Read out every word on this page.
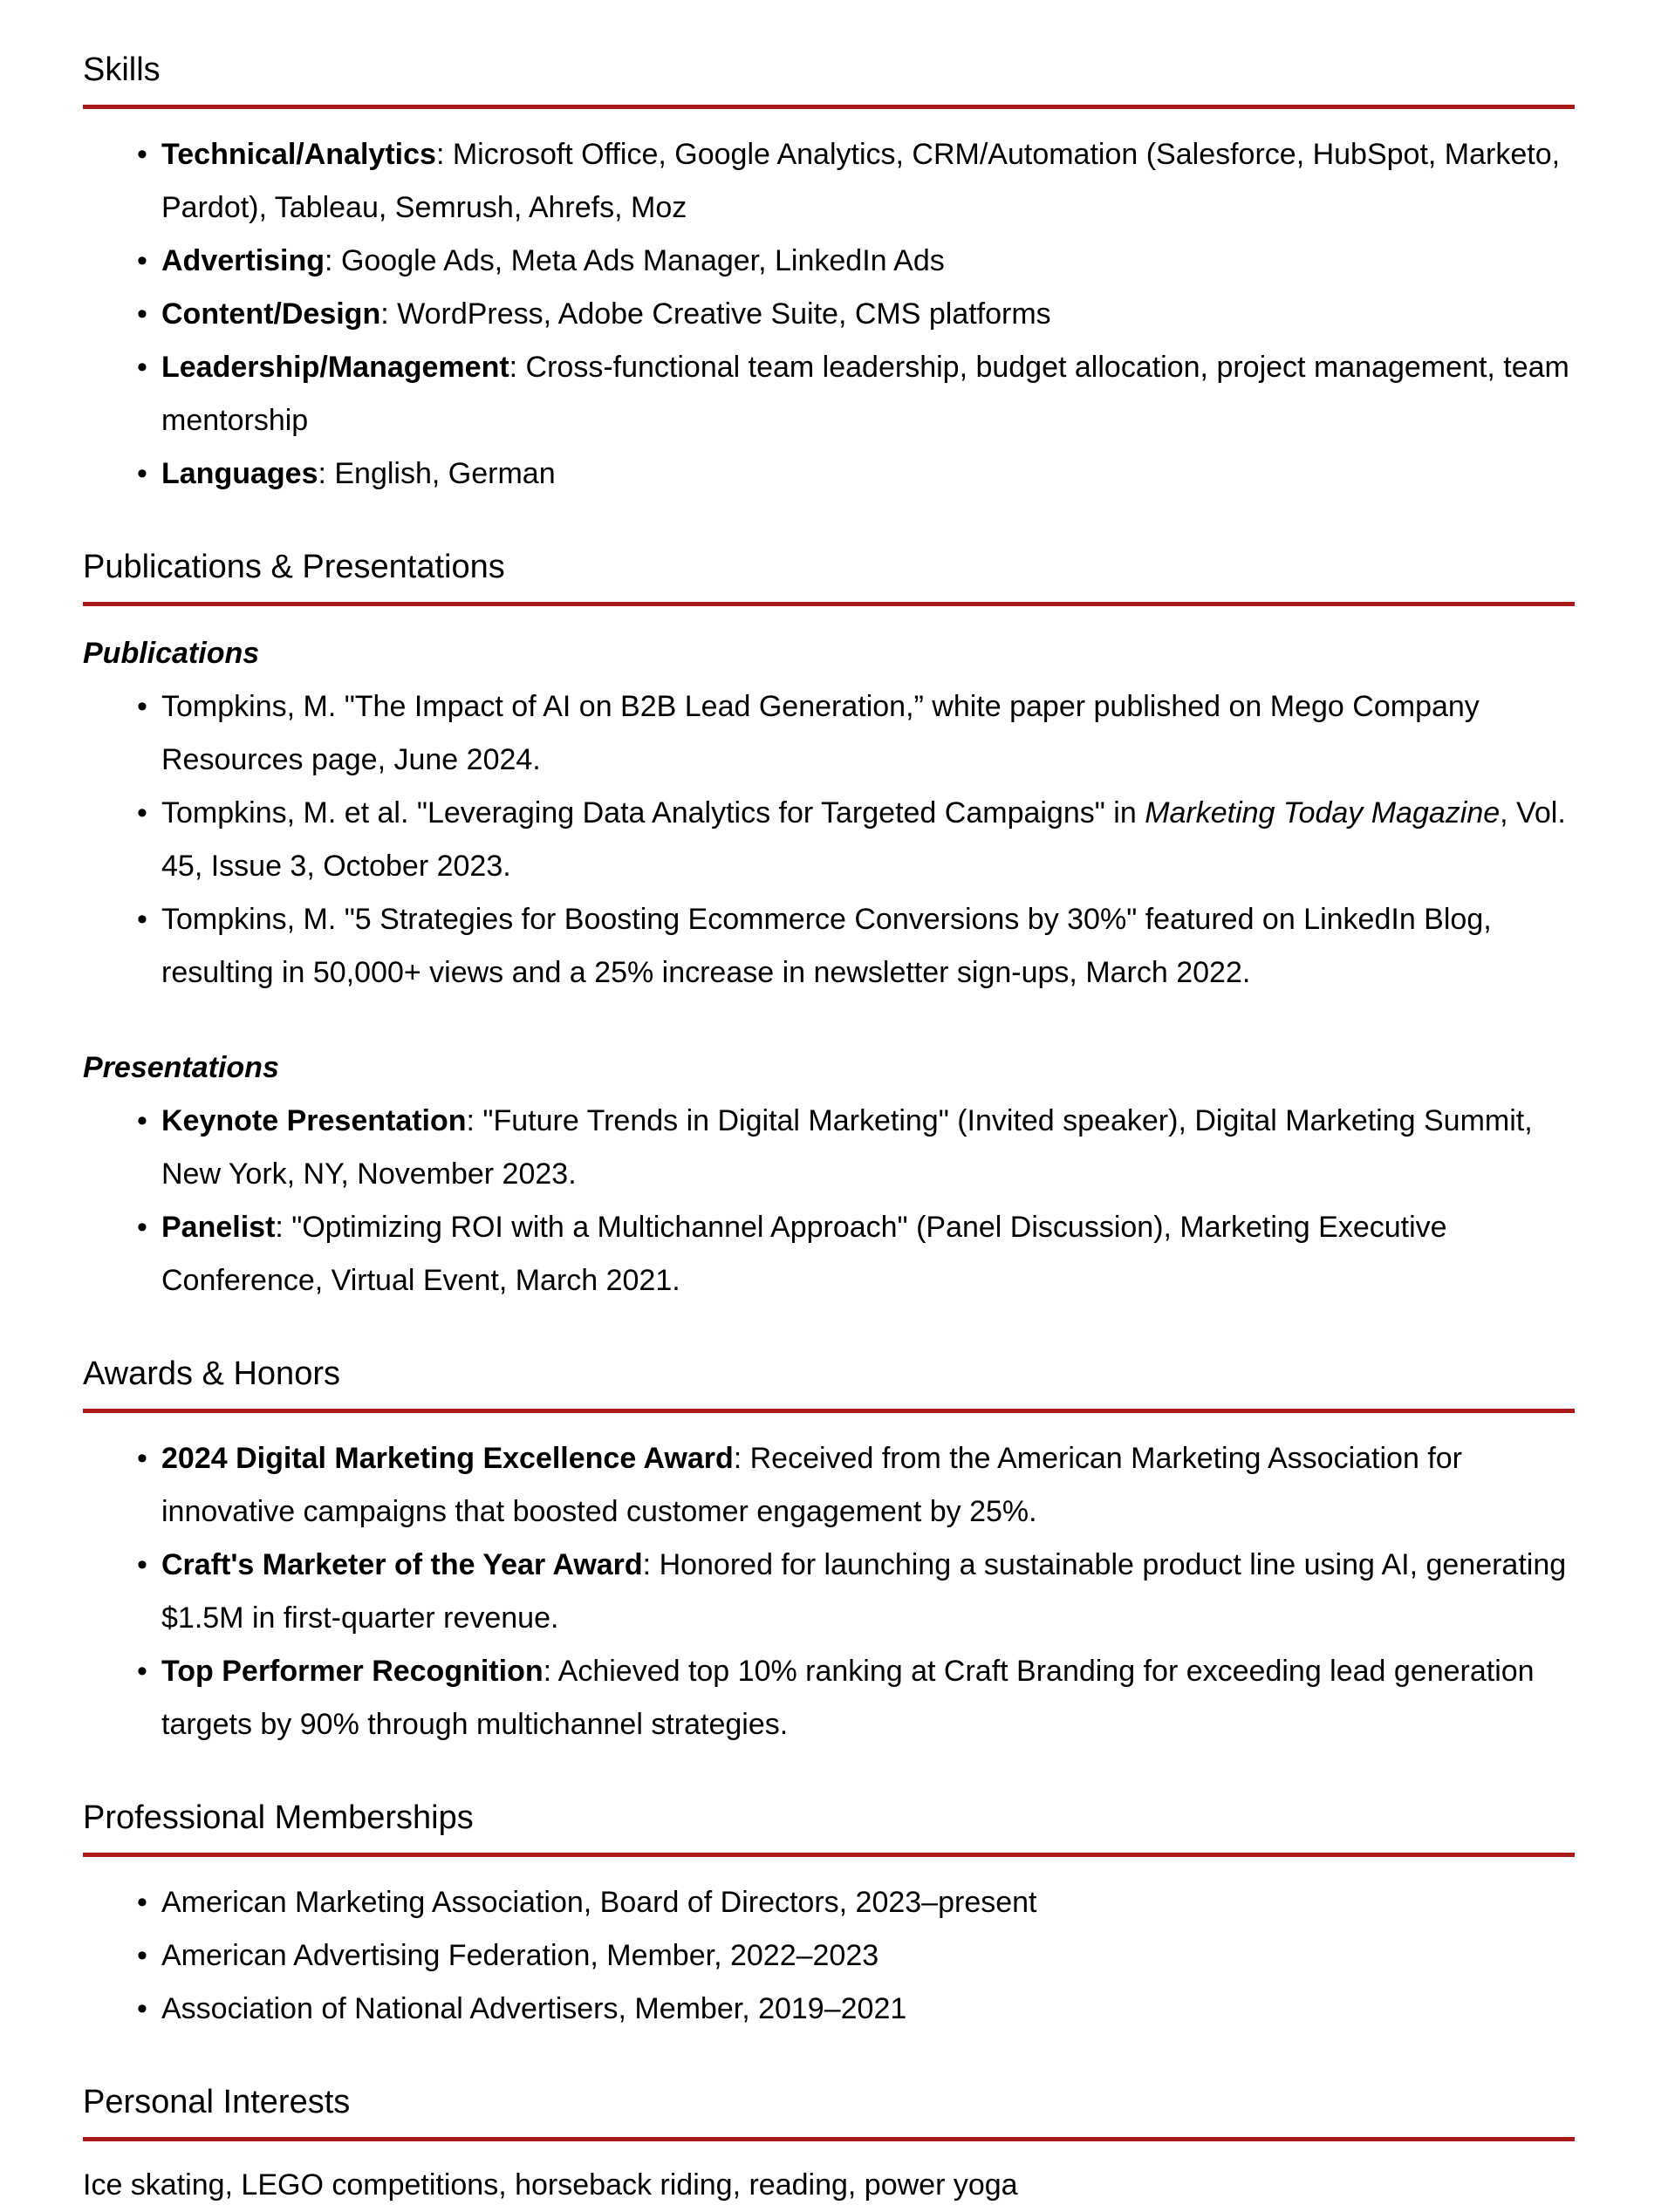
Skills
• Technical/Analytics: Microsoft Office, Google Analytics, CRM/Automation (Salesforce, HubSpot, Marketo, Pardot), Tableau, Semrush, Ahrefs, Moz
• Advertising: Google Ads, Meta Ads Manager, LinkedIn Ads
• Content/Design: WordPress, Adobe Creative Suite, CMS platforms
• Leadership/Management: Cross-functional team leadership, budget allocation, project management, team mentorship
• Languages: English, German
Publications & Presentations
Publications
• Tompkins, M. "The Impact of AI on B2B Lead Generation,” white paper published on Mego Company Resources page, June 2024.
• Tompkins, M. et al. "Leveraging Data Analytics for Targeted Campaigns" in Marketing Today Magazine, Vol. 45, Issue 3, October 2023.
• Tompkins, M. "5 Strategies for Boosting Ecommerce Conversions by 30%" featured on LinkedIn Blog, resulting in 50,000+ views and a 25% increase in newsletter sign-ups, March 2022.
Presentations
• Keynote Presentation: "Future Trends in Digital Marketing" (Invited speaker), Digital Marketing Summit, New York, NY, November 2023.
• Panelist: "Optimizing ROI with a Multichannel Approach" (Panel Discussion), Marketing Executive Conference, Virtual Event, March 2021.
Awards & Honors
• 2024 Digital Marketing Excellence Award: Received from the American Marketing Association for innovative campaigns that boosted customer engagement by 25%.
• Craft's Marketer of the Year Award: Honored for launching a sustainable product line using AI, generating $1.5M in first-quarter revenue.
• Top Performer Recognition: Achieved top 10% ranking at Craft Branding for exceeding lead generation targets by 90% through multichannel strategies.
Professional Memberships
• American Marketing Association, Board of Directors, 2023–present
• American Advertising Federation, Member, 2022–2023
• Association of National Advertisers, Member, 2019–2021
Personal Interests
Ice skating, LEGO competitions, horseback riding, reading, power yoga
